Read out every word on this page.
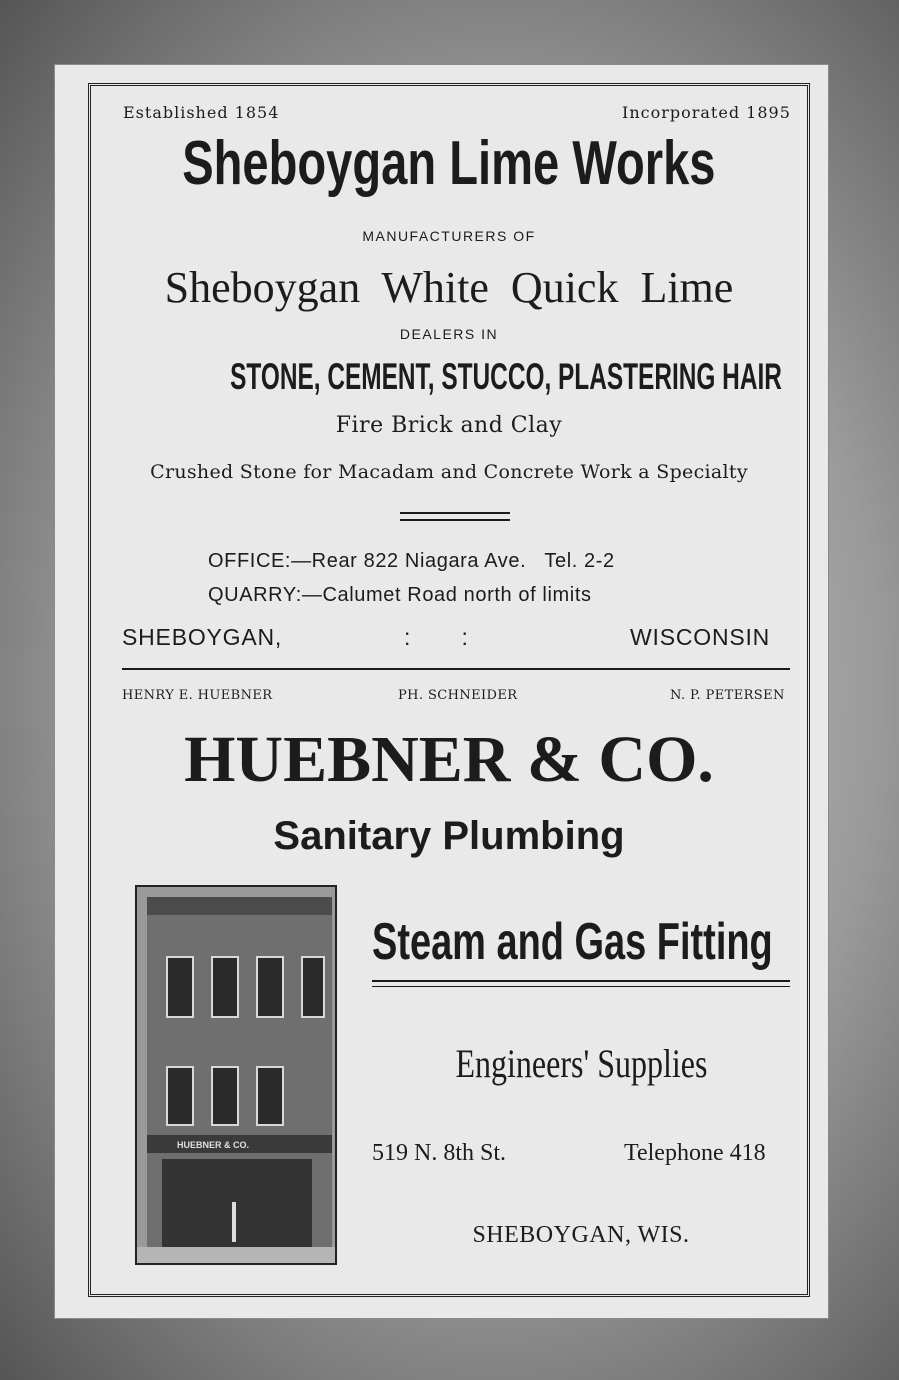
Established 1854	Incorporated 1895

Sheboygan Lime Works

MANUFACTURERS OF

Sheboygan  White  Quick  Lime

DEALERS IN

STONE, CEMENT, STUCCO, PLASTERING HAIR

Fire Brick and Clay

Crushed Stone for Macadam and Concrete Work a Specialty

OFFICE:—Rear 822 Niagara Ave.   Tel. 2-2

QUARRY:—Calumet Road north of limits

SHEBOYGAN,	:        :	WISCONSIN

HENRY E. HUEBNER	PH. SCHNEIDER	N. P. PETERSEN

HUEBNER & CO.

Sanitary Plumbing

HUEBNER & CO.
Steam and Gas Fitting
Engineers' Supplies

519 N. 8th St.	Telephone 418

SHEBOYGAN, WIS.
